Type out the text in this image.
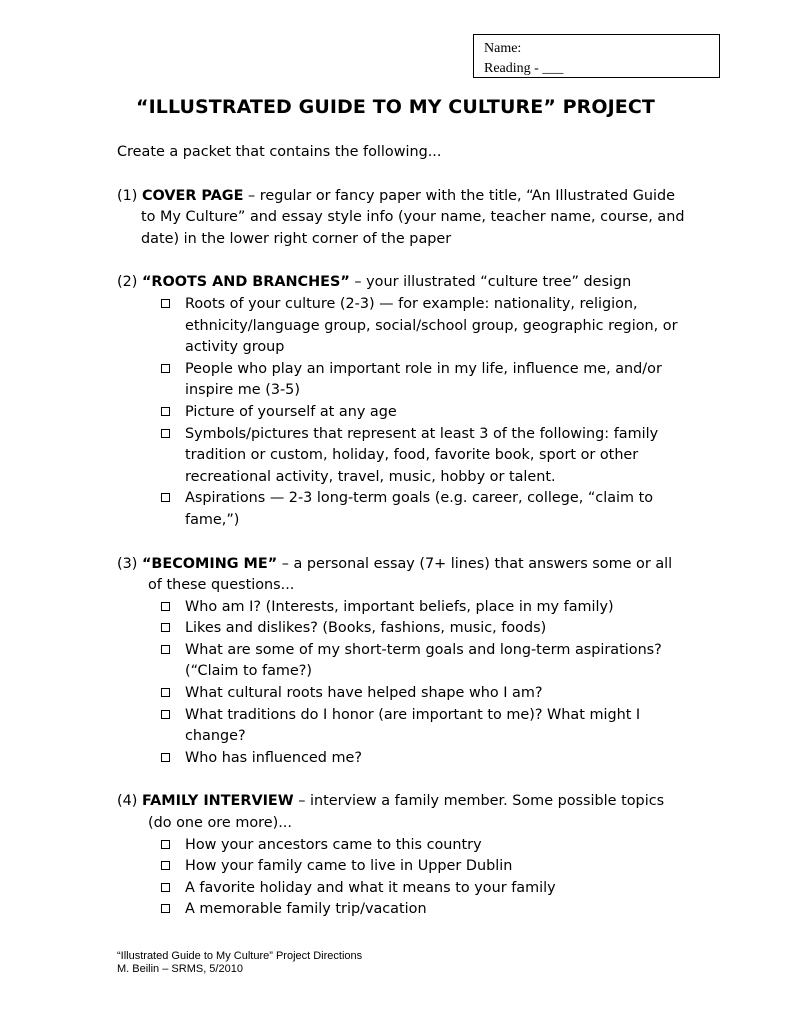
Name:
Reading - ___
“ILLUSTRATED GUIDE TO MY CULTURE” PROJECT
Create a packet that contains the following...
(1) COVER PAGE – regular or fancy paper with the title, “An Illustrated Guide to My Culture” and essay style info (your name, teacher name, course, and date) in the lower right corner of the paper
(2) “ROOTS AND BRANCHES” – your illustrated “culture tree” design
Roots of your culture (2-3) — for example: nationality, religion, ethnicity/language group, social/school group, geographic region, or activity group
People who play an important role in my life, influence me, and/or inspire me (3-5)
Picture of yourself at any age
Symbols/pictures that represent at least 3 of the following: family tradition or custom, holiday, food, favorite book, sport or other recreational activity, travel, music, hobby or talent.
Aspirations — 2-3 long-term goals (e.g. career, college, “claim to fame,”)
(3) “BECOMING ME” – a personal essay (7+ lines) that answers some or all of these questions...
Who am I? (Interests, important beliefs, place in my family)
Likes and dislikes? (Books, fashions, music, foods)
What are some of my short-term goals and long-term aspirations? (“Claim to fame?)
What cultural roots have helped shape who I am?
What traditions do I honor (are important to me)? What might I change?
Who has influenced me?
(4) FAMILY INTERVIEW – interview a family member. Some possible topics (do one ore more)...
How your ancestors came to this country
How your family came to live in Upper Dublin
A favorite holiday and what it means to your family
A memorable family trip/vacation
“Illustrated Guide to My Culture” Project Directions
M. Beilin – SRMS, 5/2010
